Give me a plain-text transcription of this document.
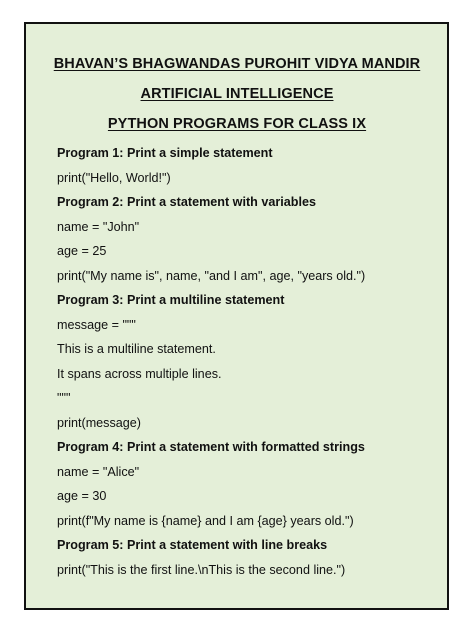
BHAVAN’S BHAGWANDAS PUROHIT VIDYA MANDIR
ARTIFICIAL INTELLIGENCE
PYTHON PROGRAMS FOR CLASS IX
Program 1: Print a simple statement
print("Hello, World!")
Program 2: Print a statement with variables
name = "John"
age = 25
print("My name is", name, "and I am", age, "years old.")
Program 3: Print a multiline statement
message = """
This is a multiline statement.
It spans across multiple lines.
"""
print(message)
Program 4: Print a statement with formatted strings
name = "Alice"
age = 30
print(f"My name is {name} and I am {age} years old.")
Program 5: Print a statement with line breaks
print("This is the first line.\nThis is the second line.")
